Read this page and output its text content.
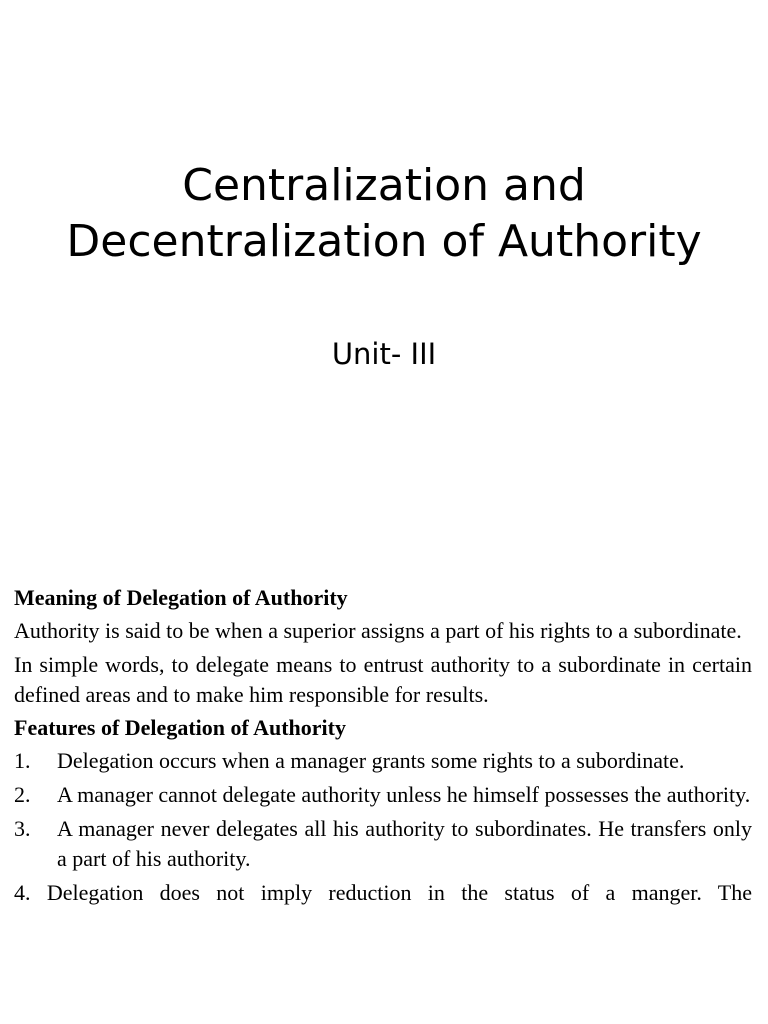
Centralization and Decentralization of Authority
Unit- III
Meaning of Delegation of Authority

Authority is said to be when a superior assigns a part of his rights to a subordinate.

In simple words, to delegate means to entrust authority to a subordinate in certain defined areas and to make him responsible for results.

Features of Delegation of Authority
1. Delegation occurs when a manager grants some rights to a subordinate.
2. A manager cannot delegate authority unless he himself possesses the authority.
3. A manager never delegates all his authority to subordinates. He transfers only a part of his authority.

4. Delegation does not imply reduction in the status of a manger. The
